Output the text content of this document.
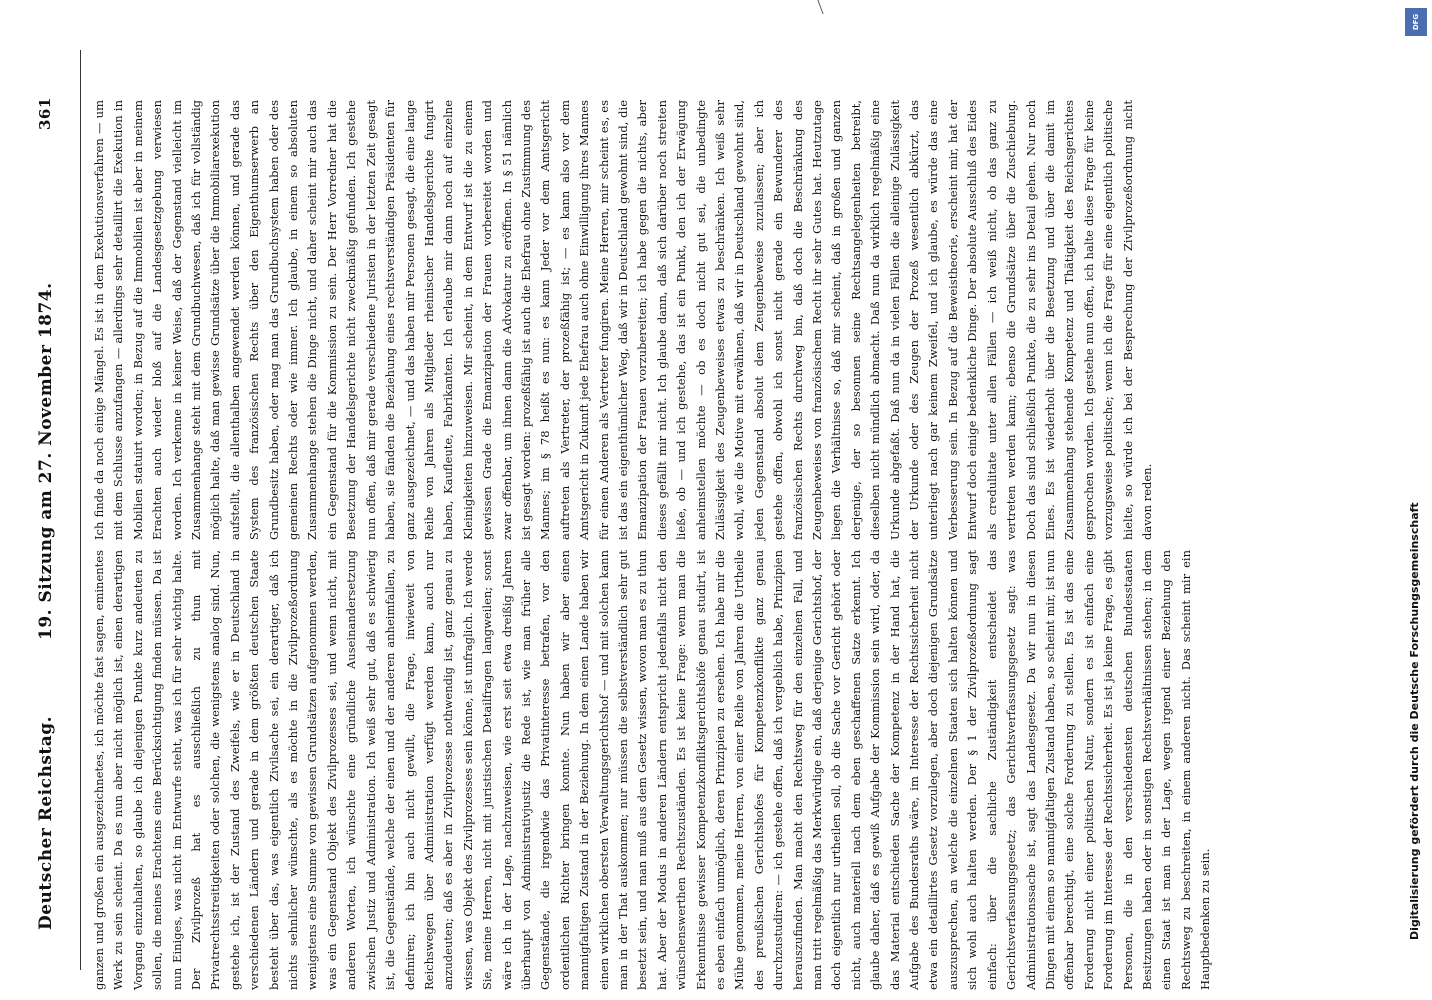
Deutscher Reichstag.
19. Sitzung am 27. November 1874.
361

ganzen und großen ein ausgezeichnetes, ich möchte fast sagen, eminentes Werk zu sein scheint. Da es nun aber nicht möglich ist, einen derartigen Vorgang einzuhalten, so glaube ich diejenigen Punkte kurz andeuten zu sollen, die meines Erachtens eine Berücksichtigung finden müssen. Da ist nun Einiges, was nicht im Entwurfe steht, was ich für sehr wichtig halte. Der Zivilprozeß hat es ausschließlich zu thun mit Privatrechtsstreitigkeiten oder solchen, die wenigstens analog sind. Nun, gestehe ich, ist der Zustand des Zweifels, wie er in Deutschland in verschiedenen Ländern und gerade in dem größten deutschen Staate besteht über das, was eigentlich Zivilsache sei, ein derartiger, daß ich nichts sehnlicher wünschte, als es möchte in die Zivilprozeßordnung wenigstens eine Summe von gewissen Grundsätzen aufgenommen werden, was ein Gegenstand Objekt des Zivilprozesses sei, und wenn nicht, mit anderen Worten, ich wünschte eine gründliche Auseinandersetzung zwischen Justiz und Administration. Ich weiß sehr gut, daß es schwierig ist, die Gegenstände, welche der einen und der anderen anheimfallen, zu definiren; ich bin auch nicht gewillt, die Frage, inwieweit von Reichswegen über Administration verfügt werden kann, auch nur anzudeuten; daß es aber in Zivilprozesse nothwendig ist, ganz genau zu wissen, was Objekt des Zivilprozesses sein könne, ist unfraglich. Ich werde Sie, meine Herren, nicht mit juristischen Detailfragen langweilen; sonst wäre ich in der Lage, nachzuweisen, wie erst seit etwa dreißig Jahren überhaupt von Administrativjustiz die Rede ist, wie man früher alle Gegenstände, die irgendwie das Privatinteresse betrafen, vor den ordentlichen Richter bringen konnte. Nun haben wir aber einen mannigfaltigen Zustand in der Beziehung. In dem einen Lande haben wir einen wirklichen obersten Verwaltungsgerichtshof — und mit solchen kann man in der That auskommen; nur müssen die selbstverständlich sehr gut besetzt sein, und man muß aus dem Gesetz wissen, wovon man es zu thun hat. Aber der Modus in anderen Ländern entspricht jedenfalls nicht den wünschenswerthen Rechtszuständen. Es ist keine Frage: wenn man die Erkenntnisse gewisser Kompetenzkonfliktsgerichtshöfe genau studirt, ist es eben einfach unmöglich, deren Prinzipien zu ersehen. Ich habe mir die Mühe genommen, meine Herren, von einer Reihe von Jahren die Urtheile des preußischen Gerichtshofes für Kompetenzkonflikte ganz genau durchzustudiren: — ich gestehe offen, daß ich vergeblich habe, Prinzipien herauszufinden. Man macht den Rechtsweg für den einzelnen Fall, und man tritt regelmäßig das Merkwürdige ein, daß derjenige Gerichtshof, der doch eigentlich nur urtheilen soll, ob die Sache vor Gericht gehört oder nicht, auch materiell nach dem eben geschaffenen Satze erkennt. Ich glaube daher, daß es gewiß Aufgabe der Kommission sein wird, oder, da das Material entschieden Sache der Kompetenz in der Hand hat, die Aufgabe des Bundesraths wäre, im Interesse der Rechtssicherheit nicht etwa ein detaillirtes Gesetz vorzulegen, aber doch diejenigen Grundsätze auszusprechen, an welche die einzelnen Staaten sich halten können und sich wohl auch halten werden. Der § 1 der Zivilprozeßordnung sagt einfach: über die sachliche Zuständigkeit entscheidet das Gerichtsverfassungsgesetz; das Gerichtsverfassungsgesetz sagt: was Administrationssache ist, sagt das Landesgesetz. Da wir nun in diesen Dingen mit einem so mannigfaltigen Zustand haben, so scheint mir, ist nun offenbar berechtigt, eine solche Forderung zu stellen. Es ist das eine Forderung nicht einer politischen Natur, sondern es ist einfach eine Forderung im Interesse der Rechtssicherheit. Es ist ja keine Frage, es gibt Personen, die in den verschiedensten deutschen Bundesstaaten Besitzungen haben oder in sonstigen Rechtsverhältnissen stehen; in dem einen Staat ist man in der Lage, wegen irgend einer Beziehung den Rechtsweg zu beschreiten, in einem anderen nicht. Das scheint mir ein Hauptbedenken zu sein.

Ich finde da noch einige Mängel. Es ist in dem Exekutionsverfahren — um mit dem Schlusse anzufangen — allerdings sehr detaillirt die Exekution in Mobilien statuirt worden; in Bezug auf die Immobilien ist aber in meinem Erachten auch wieder bloß auf die Landesgesetzgebung verwiesen worden. Ich verkenne in keiner Weise, daß der Gegenstand vielleicht im Zusammenhange steht mit dem Grundbuchwesen, daß ich für vollständig möglich halte, daß man gewisse Grundsätze über die Immobiliarexekution aufstellt, die allenthalben angewendet werden können, und gerade das System des französischen Rechts über den Eigenthumserwerb an Grundbesitz haben, oder mag man das Grundbuchsystem haben oder des gemeinen Rechts oder wie immer. Ich glaube, in einem so absoluten Zusammenhange stehen die Dinge nicht, und daher scheint mir auch das ein Gegenstand für die Kommission zu sein. Der Herr Vorredner hat die Besetzung der Handelsgerichte nicht zweckmäßig gefunden. Ich gestehe nun offen, daß mir gerade verschiedene Juristen in der letzten Zeit gesagt haben, sie fänden die Beziehung eines rechtsverständigen Präsidenten für ganz ausgezeichnet, — und das haben mir Personen gesagt, die eine lange Reihe von Jahren als Mitglieder rheinischer Handelsgerichte fungirt haben, Kaufleute, Fabrikanten. Ich erlaube mir dann noch auf einzelne Kleinigkeiten hinzuweisen. Mir scheint, in dem Entwurf ist die zu einem gewissen Grade die Emanzipation der Frauen vorbereitet worden und zwar offenbar, um ihnen dann die Advokatur zu eröffnen. In § 51 nämlich ist gesagt worden: prozeßfähig ist auch die Ehefrau ohne Zustimmung des Mannes; im § 78 heißt es nun: es kann Jeder vor dem Amtsgericht auftreten als Vertreter, der prozeßfähig ist; — es kann also vor dem Amtsgericht in Zukunft jede Ehefrau auch ohne Einwilligung ihres Mannes für einen Anderen als Vertreter fungiren. Meine Herren, mir scheint es, es ist das ein eigenthümlicher Weg, daß wir in Deutschland gewohnt sind, die Emanzipation der Frauen vorzubereiten; ich habe gegen die nichts, aber dieses gefällt mir nicht. Ich glaube dann, daß sich darüber noch streiten ließe, ob — und ich gestehe, das ist ein Punkt, den ich der Erwägung anheimstellen möchte — ob es doch nicht gut sei, die unbedingte Zulässigkeit des Zeugenbeweises etwas zu beschränken. Ich weiß sehr wohl, wie die Motive mit erwähnen, daß wir in Deutschland gewohnt sind, jeden Gegenstand absolut dem Zeugenbeweise zuzulassen; aber ich gestehe offen, obwohl ich sonst nicht gerade ein Bewunderer des französischen Rechts durchweg bin, daß doch die Beschränkung des Zeugenbeweises von französischem Recht ihr sehr Gutes hat. Heutzutage liegen die Verhältnisse so, daß mir scheint, daß in großen und ganzen derjenige, der so besonnen seine Rechtsangelegenheiten betreibt, dieselben nicht mündlich abmacht. Daß nun da wirklich regelmäßig eine Urkunde abgefaßt. Daß nun da in vielen Fällen die alleinige Zulässigkeit der Urkunde oder des Zeugen der Prozeß wesentlich abkürzt, das unterliegt nach gar keinem Zweifel, und ich glaube, es würde das eine Verbesserung sein. In Bezug auf die Beweistheorie, erscheint mir, hat der Entwurf doch einige bedenkliche Dinge. Der absolute Ausschluß des Eides als credulitate unter allen Fällen — ich weiß nicht, ob das ganz zu vertreten werden kann; ebenso die Grundsätze über die Zuschiebung. Doch das sind schließlich Punkte, die zu sehr ins Detail gehen. Nur noch Eines. Es ist wiederholt über die Besetzung und über die damit im Zusammenhang stehende Kompetenz und Thätigkeit des Reichsgerichtes gesprochen worden. Ich gestehe nun offen, ich halte diese Frage für keine vorzugsweise politische; wenn ich die Frage für eine eigentlich politische hielte, so würde ich bei der Besprechung der Zivilprozeßordnung nicht davon reden.

Digitalisierung gefördert durch die Deutsche Forschungsgemeinschaft
DFG
